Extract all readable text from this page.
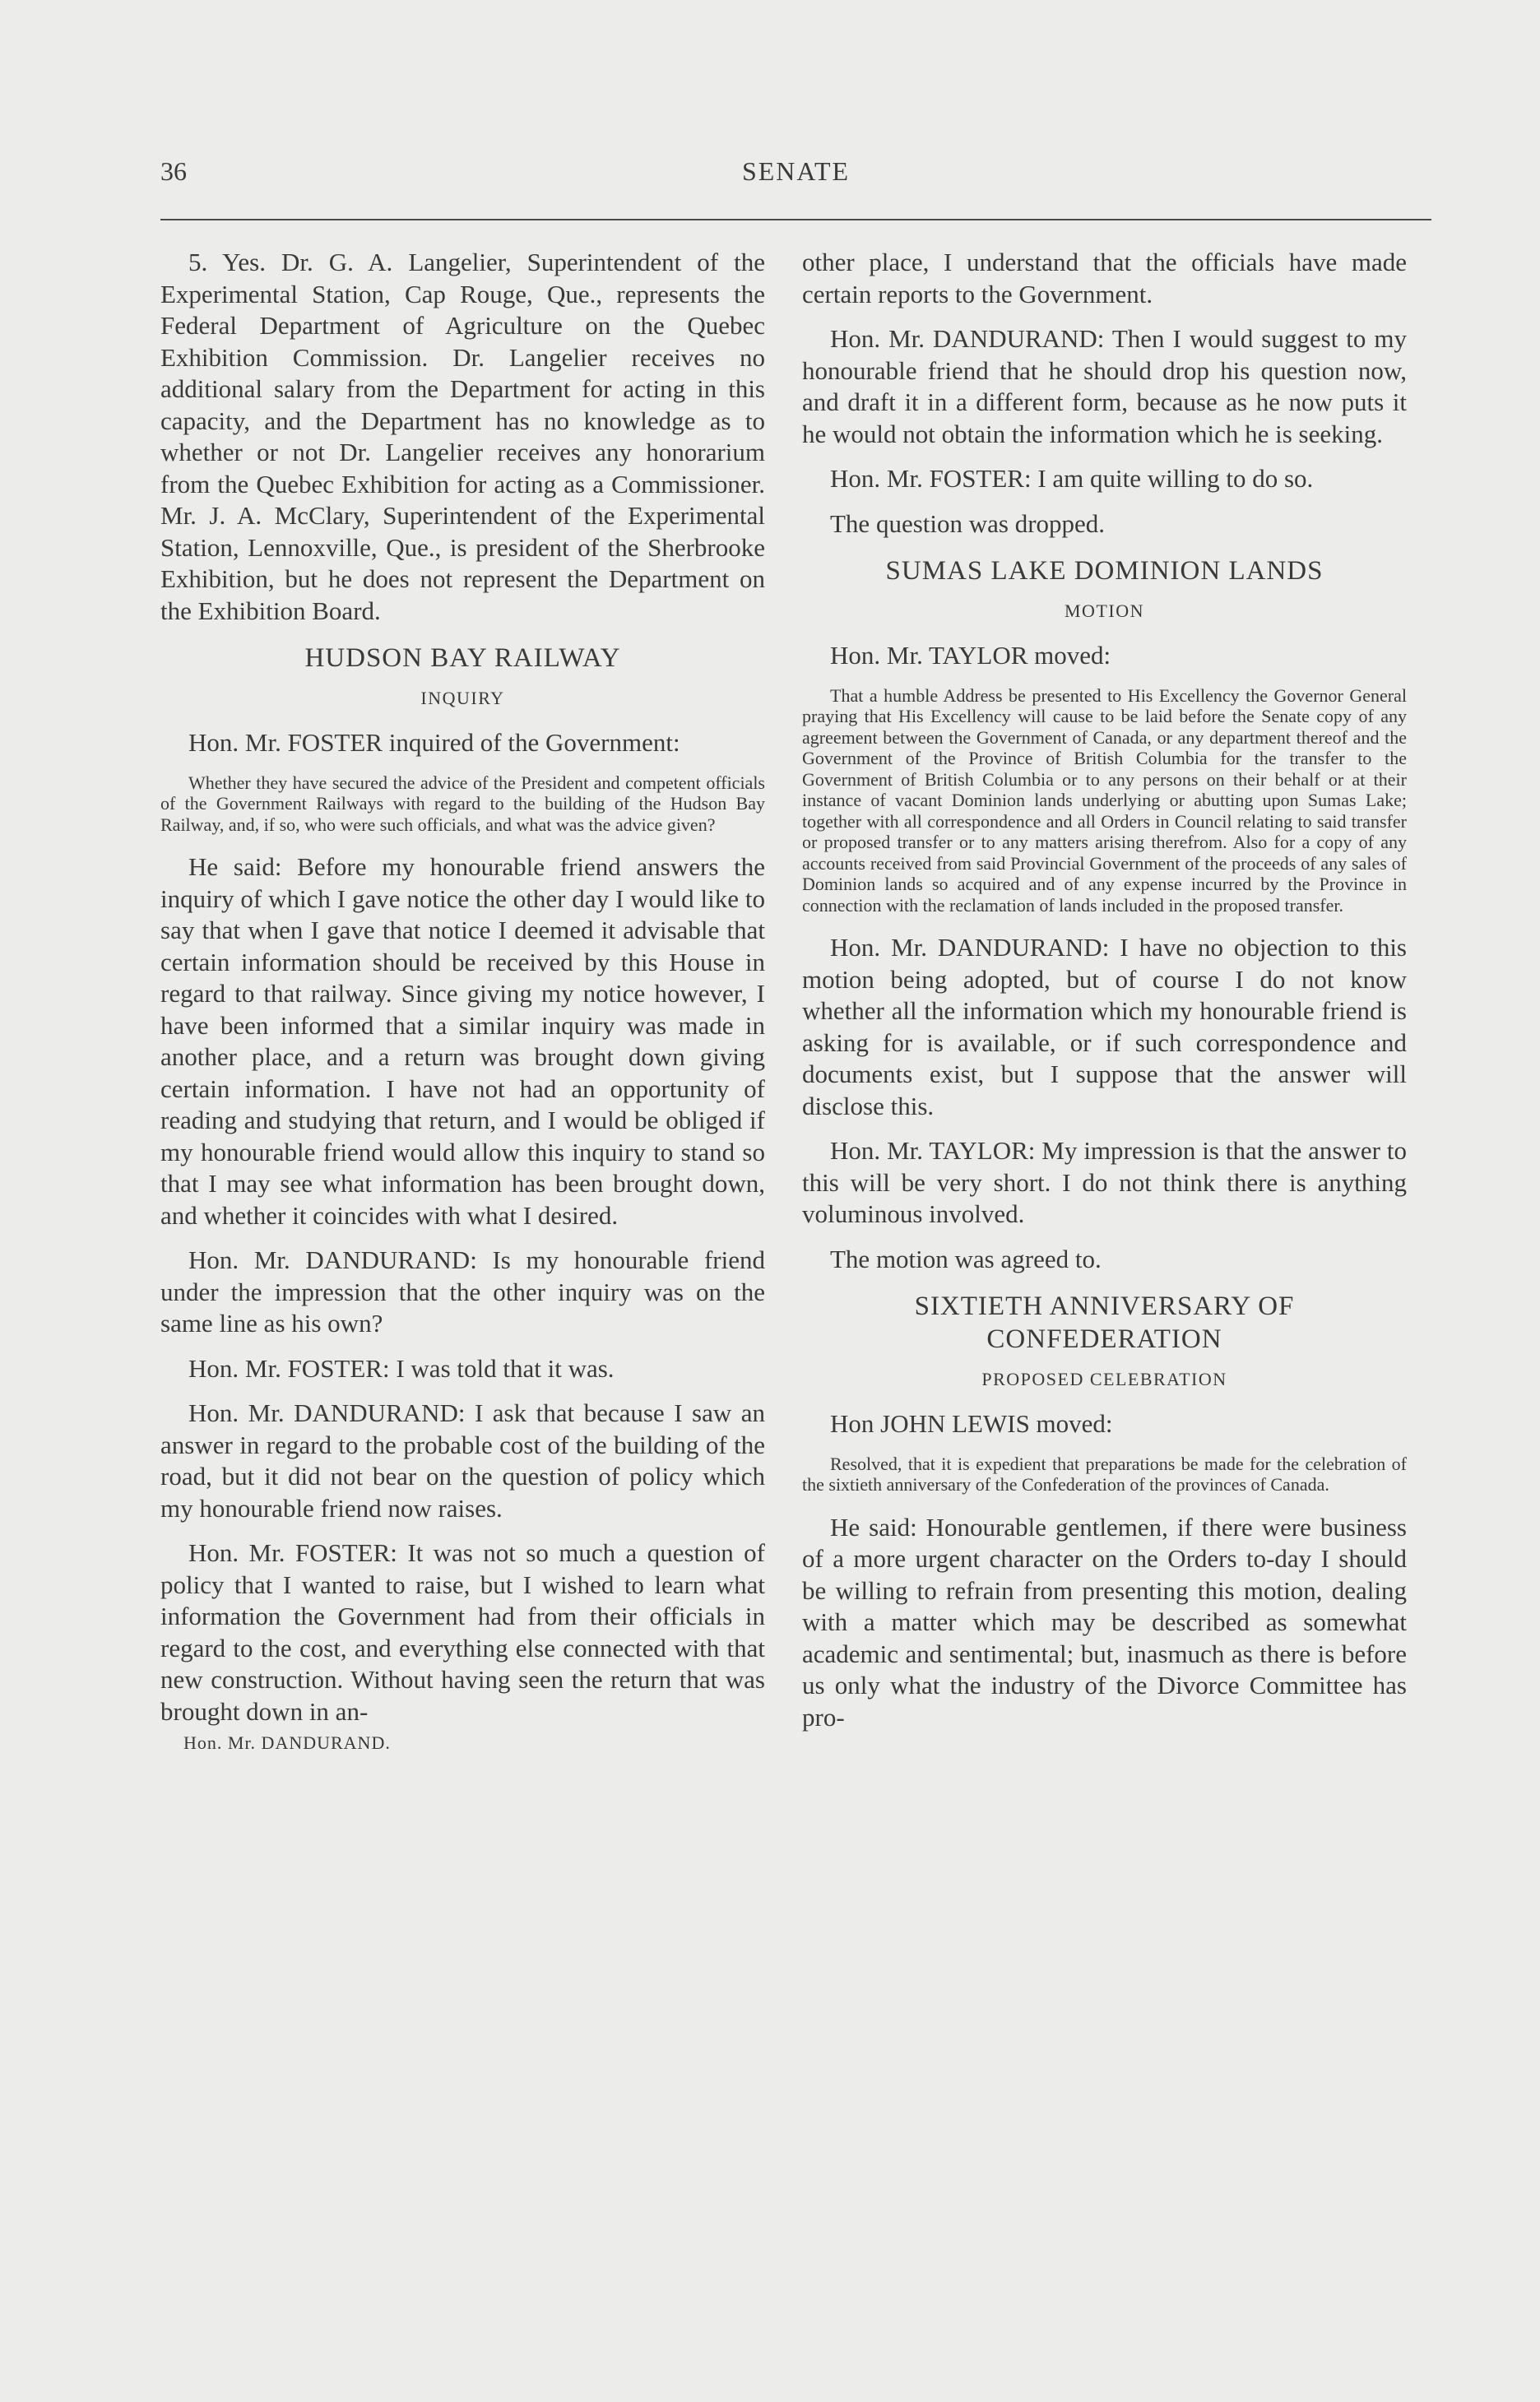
36	SENATE

5. Yes. Dr. G. A. Langelier, Superintendent of the Experimental Station, Cap Rouge, Que., represents the Federal Department of Agriculture on the Quebec Exhibition Commission. Dr. Langelier receives no additional salary from the Department for acting in this capacity, and the Department has no knowledge as to whether or not Dr. Langelier receives any honorarium from the Quebec Exhibition for acting as a Commissioner. Mr. J. A. McClary, Superintendent of the Experimental Station, Lennoxville, Que., is president of the Sherbrooke Exhibition, but he does not represent the Department on the Exhibition Board.

HUDSON BAY RAILWAY

INQUIRY

Hon. Mr. FOSTER inquired of the Government:

Whether they have secured the advice of the President and competent officials of the Government Railways with regard to the building of the Hudson Bay Railway, and, if so, who were such officials, and what was the advice given?

He said: Before my honourable friend answers the inquiry of which I gave notice the other day I would like to say that when I gave that notice I deemed it advisable that certain information should be received by this House in regard to that railway. Since giving my notice however, I have been informed that a similar inquiry was made in another place, and a return was brought down giving certain information. I have not had an opportunity of reading and studying that return, and I would be obliged if my honourable friend would allow this inquiry to stand so that I may see what information has been brought down, and whether it coincides with what I desired.

Hon. Mr. DANDURAND: Is my honourable friend under the impression that the other inquiry was on the same line as his own?

Hon. Mr. FOSTER: I was told that it was.

Hon. Mr. DANDURAND: I ask that because I saw an answer in regard to the probable cost of the building of the road, but it did not bear on the question of policy which my honourable friend now raises.

Hon. Mr. FOSTER: It was not so much a question of policy that I wanted to raise, but I wished to learn what information the Government had from their officials in regard to the cost, and everything else connected with that new construction. Without having seen the return that was brought down in an-

Hon. Mr. DANDURAND.

other place, I understand that the officials have made certain reports to the Government.

Hon. Mr. DANDURAND: Then I would suggest to my honourable friend that he should drop his question now, and draft it in a different form, because as he now puts it he would not obtain the information which he is seeking.

Hon. Mr. FOSTER: I am quite willing to do so.

The question was dropped.

SUMAS LAKE DOMINION LANDS

MOTION

Hon. Mr. TAYLOR moved:

That a humble Address be presented to His Excellency the Governor General praying that His Excellency will cause to be laid before the Senate copy of any agreement between the Government of Canada, or any department thereof and the Government of the Province of British Columbia for the transfer to the Government of British Columbia or to any persons on their behalf or at their instance of vacant Dominion lands underlying or abutting upon Sumas Lake; together with all correspondence and all Orders in Council relating to said transfer or proposed transfer or to any matters arising therefrom. Also for a copy of any accounts received from said Provincial Government of the proceeds of any sales of Dominion lands so acquired and of any expense incurred by the Province in connection with the reclamation of lands included in the proposed transfer.

Hon. Mr. DANDURAND: I have no objection to this motion being adopted, but of course I do not know whether all the information which my honourable friend is asking for is available, or if such correspondence and documents exist, but I suppose that the answer will disclose this.

Hon. Mr. TAYLOR: My impression is that the answer to this will be very short. I do not think there is anything voluminous involved.

The motion was agreed to.

SIXTIETH ANNIVERSARY OF CONFEDERATION

PROPOSED CELEBRATION

Hon JOHN LEWIS moved:

Resolved, that it is expedient that preparations be made for the celebration of the sixtieth anniversary of the Confederation of the provinces of Canada.

He said: Honourable gentlemen, if there were business of a more urgent character on the Orders to-day I should be willing to refrain from presenting this motion, dealing with a matter which may be described as somewhat academic and sentimental; but, inasmuch as there is before us only what the industry of the Divorce Committee has pro-
